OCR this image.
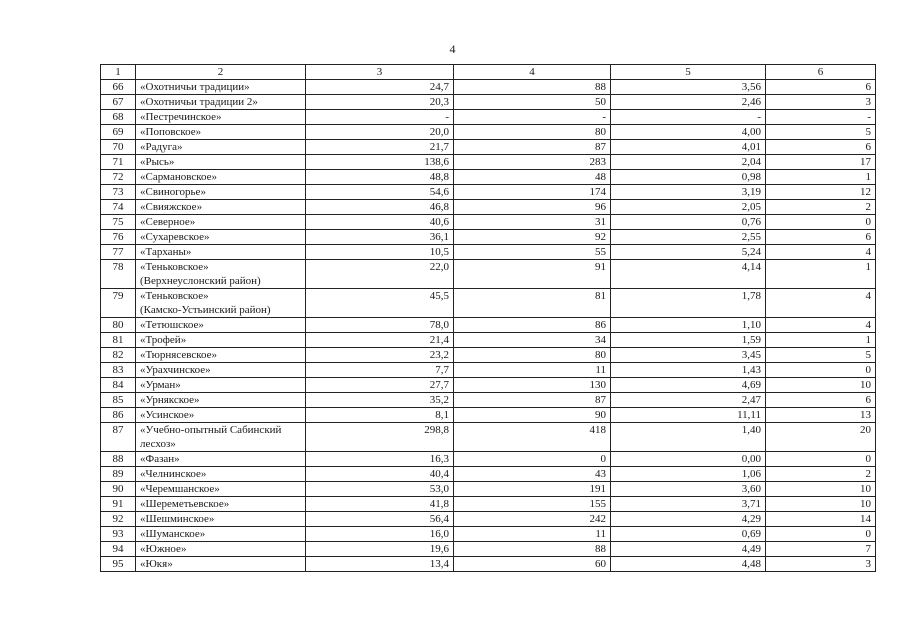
4
1	2	3	4	5	6
66	«Охотничьи традиции»	24,7	88	3,56	6
67	«Охотничьи традиции 2»	20,3	50	2,46	3
68	«Пестречинское»	-	-	-	-
69	«Поповское»	20,0	80	4,00	5
70	«Радуга»	21,7	87	4,01	6
71	«Рысь»	138,6	283	2,04	17
72	«Сармановское»	48,8	48	0,98	1
73	«Свиногорье»	54,6	174	3,19	12
74	«Свияжское»	46,8	96	2,05	2
75	«Северное»	40,6	31	0,76	0
76	«Сухаревское»	36,1	92	2,55	6
77	«Тарханы»	10,5	55	5,24	4
78	«Теньковское»
(Верхнеуслонский район)	22,0	91	4,14	1
79	«Теньковское»
(Камско-Устьинский район)	45,5	81	1,78	4
80	«Тетюшское»	78,0	86	1,10	4
81	«Трофей»	21,4	34	1,59	1
82	«Тюрнясевское»	23,2	80	3,45	5
83	«Урахчинское»	7,7	11	1,43	0
84	«Урман»	27,7	130	4,69	10
85	«Урнякское»	35,2	87	2,47	6
86	«Усинское»	8,1	90	11,11	13
87	«Учебно-опытный Сабинский
лесхоз»	298,8	418	1,40	20
88	«Фазан»	16,3	0	0,00	0
89	«Челнинское»	40,4	43	1,06	2
90	«Черемшанское»	53,0	191	3,60	10
91	«Шереметьевское»	41,8	155	3,71	10
92	«Шешминское»	56,4	242	4,29	14
93	«Шуманское»	16,0	11	0,69	0
94	«Южное»	19,6	88	4,49	7
95	«Юкя»	13,4	60	4,48	3
